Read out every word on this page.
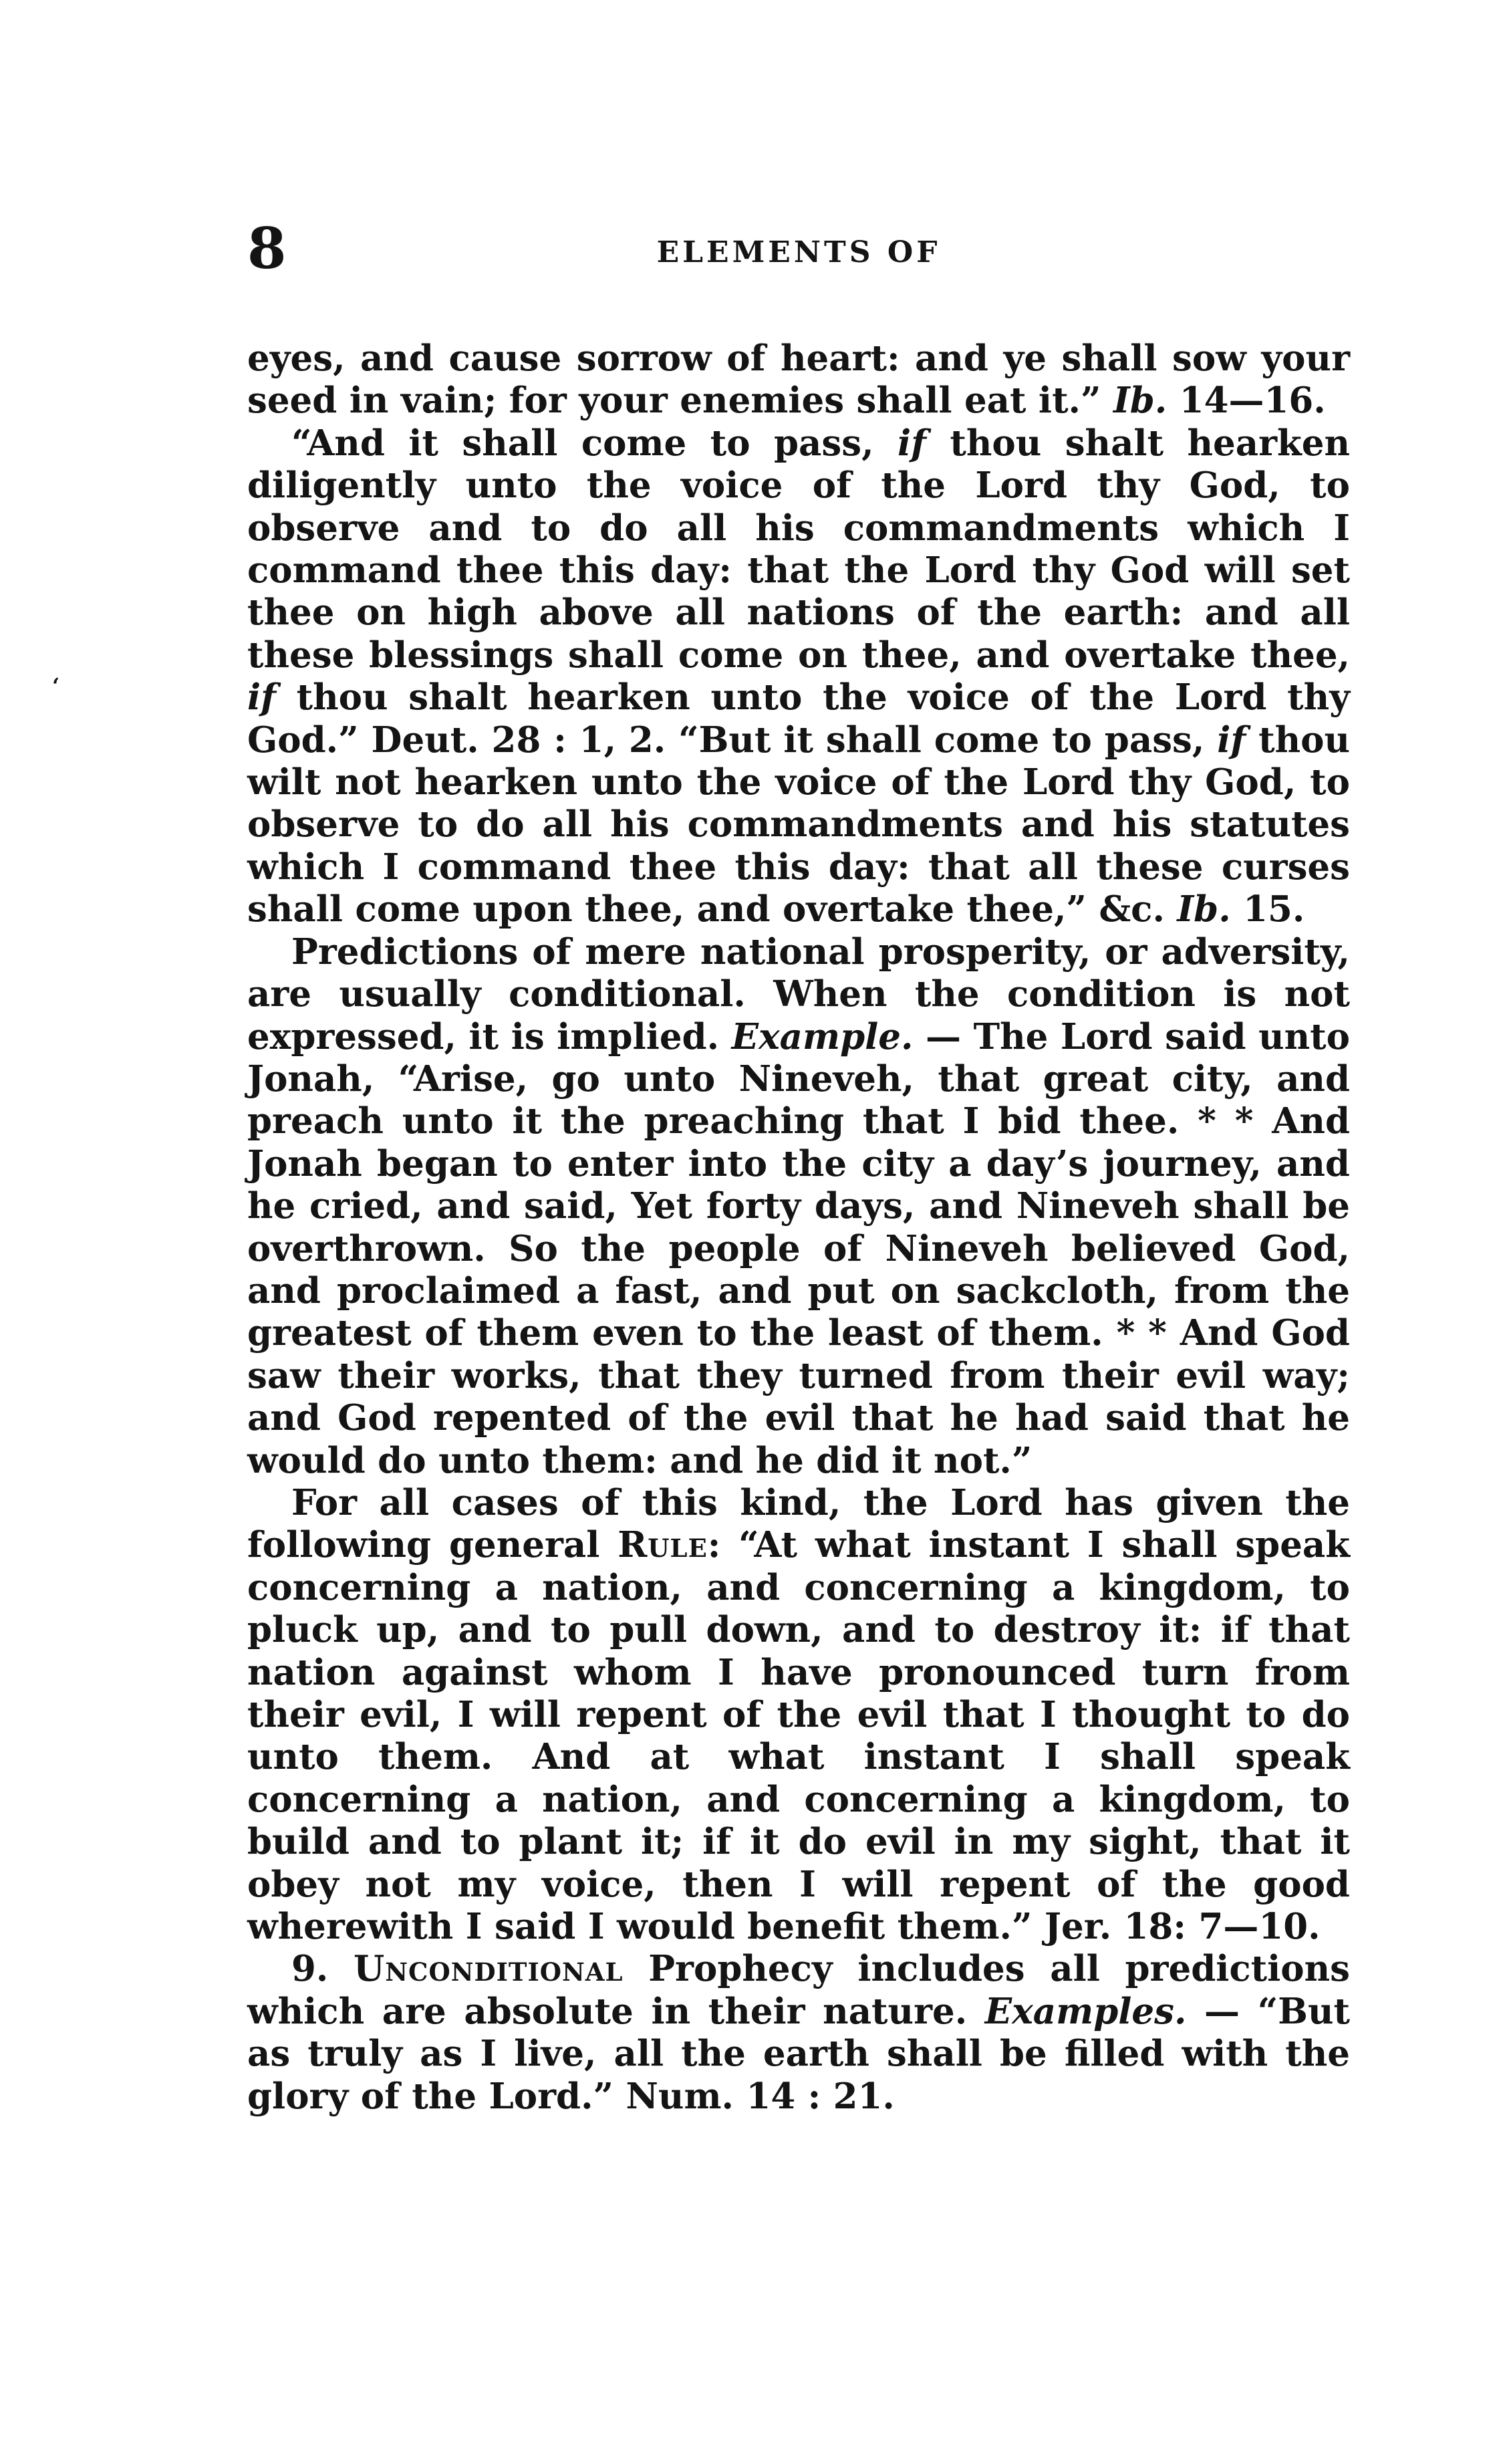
8	ELEMENTS OF
‘

eyes, and cause sorrow of heart: and ye shall sow your seed in vain; for your enemies shall eat it.” Ib. 14—16.

“And it shall come to pass, if thou shalt hearken diligently unto the voice of the Lord thy God, to observe and to do all his commandments which I command thee this day: that the Lord thy God will set thee on high above all nations of the earth: and all these blessings shall come on thee, and overtake thee, if thou shalt hearken unto the voice of the Lord thy God.” Deut. 28 : 1, 2. “But it shall come to pass, if thou wilt not hearken unto the voice of the Lord thy God, to observe to do all his commandments and his statutes which I command thee this day: that all these curses shall come upon thee, and overtake thee,” &c. Ib. 15.

Predictions of mere national prosperity, or adversity, are usually conditional. When the condition is not expressed, it is implied. Example. — The Lord said unto Jonah, “Arise, go unto Nineveh, that great city, and preach unto it the preaching that I bid thee. * * And Jonah began to enter into the city a day’s journey, and he cried, and said, Yet forty days, and Nineveh shall be overthrown. So the people of Nineveh believed God, and proclaimed a fast, and put on sackcloth, from the greatest of them even to the least of them. * * And God saw their works, that they turned from their evil way; and God repented of the evil that he had said that he would do unto them: and he did it not.”

For all cases of this kind, the Lord has given the following general Rule: “At what instant I shall speak concerning a nation, and concerning a kingdom, to pluck up, and to pull down, and to destroy it: if that nation against whom I have pronounced turn from their evil, I will repent of the evil that I thought to do unto them. And at what instant I shall speak concerning a nation, and concerning a kingdom, to build and to plant it; if it do evil in my sight, that it obey not my voice, then I will repent of the good wherewith I said I would benefit them.” Jer. 18: 7—10.

9. Unconditional Prophecy includes all predictions which are absolute in their nature. Examples. — “But as truly as I live, all the earth shall be filled with the glory of the Lord.” Num. 14 : 21.
